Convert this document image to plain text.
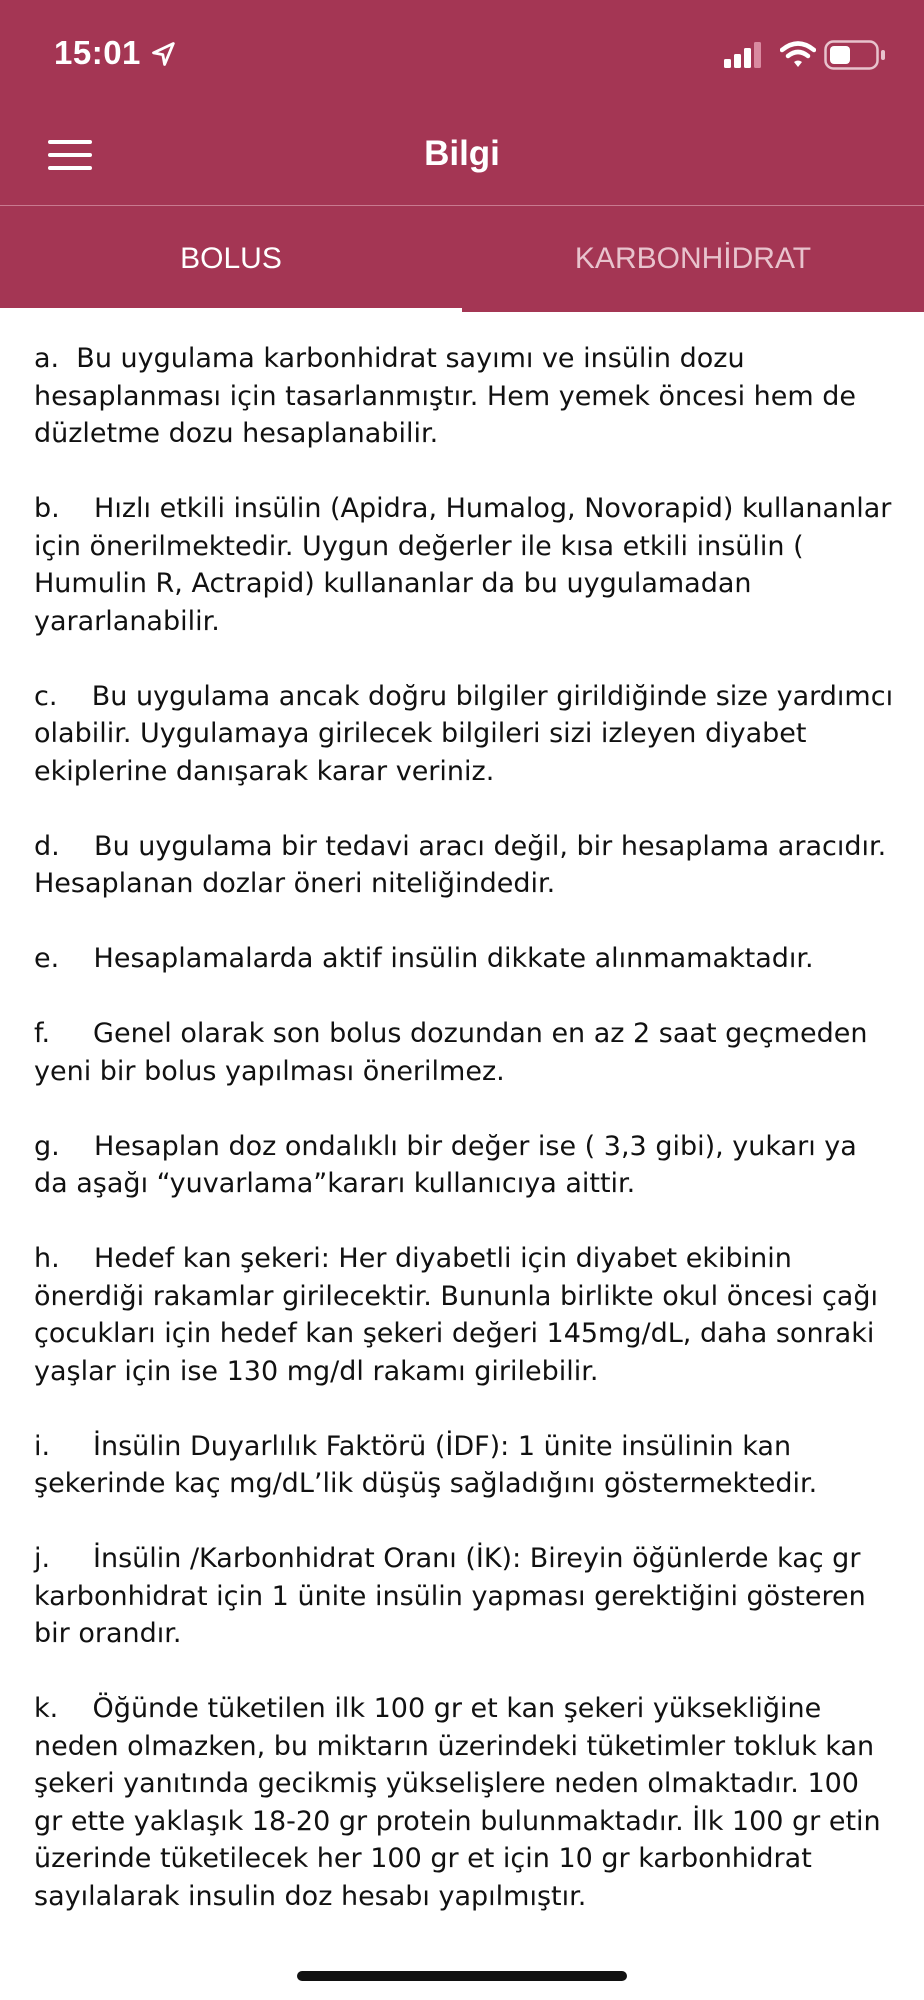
15:01
Bilgi
BOLUS	KARBONHİDRAT

a.  Bu uygulama karbonhidrat sayımı ve insülin dozu hesaplanması için tasarlanmıştır. Hem yemek öncesi hem de düzletme dozu hesaplanabilir.

b.    Hızlı etkili insülin (Apidra, Humalog, Novorapid) kullananlar için önerilmektedir. Uygun değerler ile kısa etkili insülin ( Humulin R, Actrapid) kullananlar da bu uygulamadan yararlanabilir.

c.    Bu uygulama ancak doğru bilgiler girildiğinde size yardımcı olabilir. Uygulamaya girilecek bilgileri sizi izleyen diyabet ekiplerine danışarak karar veriniz.

d.    Bu uygulama bir tedavi aracı değil, bir hesaplama aracıdır. Hesaplanan dozlar öneri niteliğindedir.

e.    Hesaplamalarda aktif insülin dikkate alınmamaktadır.

f.     Genel olarak son bolus dozundan en az 2 saat geçmeden yeni bir bolus yapılması önerilmez.

g.    Hesaplan doz ondalıklı bir değer ise ( 3,3 gibi), yukarı ya da aşağı “yuvarlama”kararı kullanıcıya aittir.

h.    Hedef kan şekeri: Her diyabetli için diyabet ekibinin önerdiği rakamlar girilecektir. Bununla birlikte okul öncesi çağı çocukları için hedef kan şekeri değeri 145mg/dL, daha sonraki yaşlar için ise 130 mg/dl rakamı girilebilir.

i.     İnsülin Duyarlılık Faktörü (İDF): 1 ünite insülinin kan şekerinde kaç mg/dL’lik düşüş sağladığını göstermektedir.

j.     İnsülin /Karbonhidrat Oranı (İK): Bireyin öğünlerde kaç gr karbonhidrat için 1 ünite insülin yapması gerektiğini gösteren bir orandır.

k.    Öğünde tüketilen ilk 100 gr et kan şekeri yüksekliğine neden olmazken, bu miktarın üzerindeki tüketimler tokluk kan şekeri yanıtında gecikmiş yükselişlere neden olmaktadır. 100 gr ette yaklaşık 18-20 gr protein bulunmaktadır. İlk 100 gr etin üzerinde tüketilecek her 100 gr et için 10 gr karbonhidrat sayılalarak insulin doz hesabı yapılmıştır.
